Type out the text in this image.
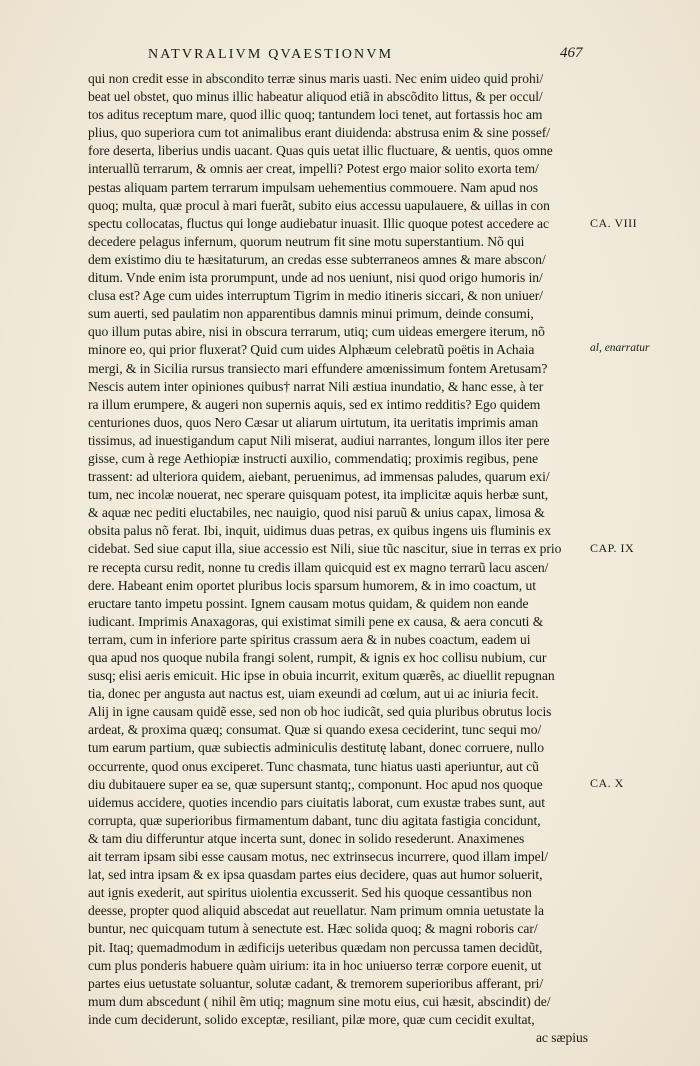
NATVRALIVM QVAESTIONVM	467
qui non credit esse in abscondito terræ sinus maris uasti. Nec enim uideo quid prohi/
beat uel obstet, quo minus illic habeatur aliquod etiã in abscõdito littus, & per occul/
tos aditus receptum mare, quod illic quoq; tantundem loci tenet, aut fortassis hoc am
plius, quo superiora cum tot animalibus erant diuidenda: abstrusa enim & sine possef/
fore deserta, liberius undis uacant. Quas quis uetat illic fluctuare, & uentis, quos omne
interuallũ terrarum, & omnis aer creat, impelli? Potest ergo maior solito exorta tem/
pestas aliquam partem terrarum impulsam uehementius commouere. Nam apud nos
quoq; multa, quæ procul à mari fuerãt, subito eius accessu uapulauere, & uillas in con
spectu collocatas, fluctus qui longe audiebatur inuasit. Illic quoque potest accedere ac
decedere pelagus infernum, quorum neutrum fit sine motu superstantium. Nõ qui
dem existimo diu te hæsitaturum, an credas esse subterraneos amnes & mare abscon/
ditum. Vnde enim ista prorumpunt, unde ad nos ueniunt, nisi quod origo humoris in/
clusa est? Age cum uides interruptum Tigrim in medio itineris siccari, & non uniuer/
sum auerti, sed paulatim non apparentibus damnis minui primum, deinde consumi,
quo illum putas abire, nisi in obscura terrarum, utiq; cum uideas emergere iterum, nõ
minore eo, qui prior fluxerat? Quid cum uides Alphæum celebratũ poëtis in Achaia
mergi, & in Sicilia rursus transiecto mari effundere amœnissimum fontem Aretusam?
Nescis autem inter opiniones quibus† narrat Nili æstiua inundatio, & hanc esse, à ter
ra illum erumpere, & augeri non supernis aquis, sed ex intimo redditis? Ego quidem
centuriones duos, quos Nero Cæsar ut aliarum uirtutum, ita ueritatis imprimis aman
tissimus, ad inuestigandum caput Nili miserat, audiui narrantes, longum illos iter pere
gisse, cum à rege Aethiopiæ instructi auxilio, commendatiq; proximis regibus, pene
trassent: ad ulteriora quidem, aiebant, peruenimus, ad immensas paludes, quarum exi/
tum, nec incolæ nouerat, nec sperare quisquam potest, ita implicitæ aquis herbæ sunt,
& aquæ nec pediti eluctabiles, nec nauigio, quod nisi paruũ & unius capax, limosa &
obsita palus nõ ferat. Ibi, inquit, uidimus duas petras, ex quibus ingens uis fluminis ex
cidebat. Sed siue caput illa, siue accessio est Nili, siue tũc nascitur, siue in terras ex prio
re recepta cursu redit, nonne tu credis illam quicquid est ex magno terrarũ lacu ascen/
dere. Habeant enim oportet pluribus locis sparsum humorem, & in imo coactum, ut
eructare tanto impetu possint. Ignem causam motus quidam, & quidem non eande
iudicant. Imprimis Anaxagoras, qui existimat simili pene ex causa, & aera concuti &
terram, cum in inferiore parte spiritus crassum aera & in nubes coactum, eadem ui
qua apud nos quoque nubila frangi solent, rumpit, & ignis ex hoc collisu nubium, cur
susq; elisi aeris emicuit. Hic ipse in obuia incurrit, exitum quærẽs, ac diuellit repugnan
tia, donec per angusta aut nactus est, uiam exeundi ad cœlum, aut ui ac iniuria fecit.
Alij in igne causam quidẽ esse, sed non ob hoc iudicãt, sed quia pluribus obrutus locis
ardeat, & proxima quæq; consumat. Quæ si quando exesa ceciderint, tunc sequi mo/
tum earum partium, quæ subiectis adminiculis destitutę labant, donec corruere, nullo
occurrente, quod onus exciperet. Tunc chasmata, tunc hiatus uasti aperiuntur, aut cũ
diu dubitauere super ea se, quæ supersunt stantq;, componunt. Hoc apud nos quoque
uidemus accidere, quoties incendio pars ciuitatis laborat, cum exustæ trabes sunt, aut
corrupta, quæ superioribus firmamentum dabant, tunc diu agitata fastigia concidunt,
& tam diu differuntur atque incerta sunt, donec in solido resederunt. Anaximenes
ait terram ipsam sibi esse causam motus, nec extrinsecus incurrere, quod illam impel/
lat, sed intra ipsam & ex ipsa quasdam partes eius decidere, quas aut humor soluerit,
aut ignis exederit, aut spiritus uiolentia excusserit. Sed his quoque cessantibus non
deesse, propter quod aliquid abscedat aut reuellatur. Nam primum omnia uetustate la
buntur, nec quicquam tutum à senectute est. Hæc solida quoq; & magni roboris car/
pit. Itaq; quemadmodum in ædificijs ueteribus quædam non percussa tamen decidũt,
cum plus ponderis habuere quàm uirium: ita in hoc uniuerso terræ corpore euenit, ut
partes eius uetustate soluantur, solutæ cadant, & tremorem superioribus afferant, pri/
mum dum abscedunt ( nihil ẽm utiq; magnum sine motu eius, cui hæsit, abscindit) de/
inde cum deciderunt, solido exceptæ, resiliant, pilæ more, quæ cum cecidit exultat,
ac sæpius
CA. VIII
al, enarratur
CAP. IX
CA. X
